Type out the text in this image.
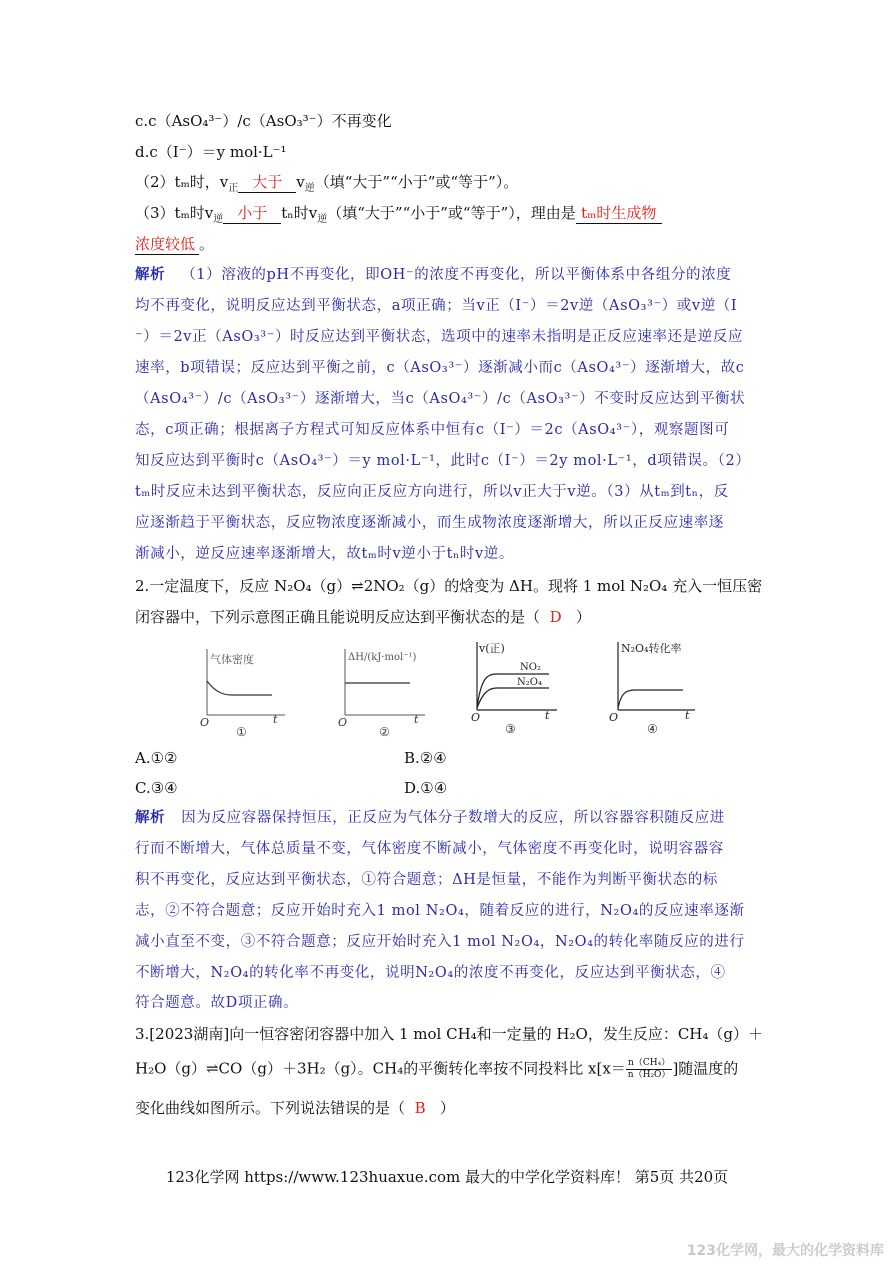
c.c（AsO₄³⁻）/c（AsO₃³⁻）不再变化
d.c（I⁻）＝y mol·L⁻¹
（2）tₘ时，$v_正$ 大于 $v_逆$（填“大于”“小于”或“等于”）。
（3）tₘ时$v_逆$ 小于 tₙ时$v_逆$（填“大于”“小于”或“等于”），理由是 tₘ时生成物
浓度较低 。
解析 （1）溶液的pH不再变化，即OH⁻的浓度不再变化，所以平衡体系中各组分的浓度
均不再变化，说明反应达到平衡状态，a项正确；当v正（I⁻）＝2v逆（AsO₃³⁻）或v逆（I
⁻）＝2v正（AsO₃³⁻）时反应达到平衡状态，选项中的速率未指明是正反应速率还是逆反应
速率，b项错误；反应达到平衡之前，c（AsO₃³⁻）逐渐减小而c（AsO₄³⁻）逐渐增大，故c
（AsO₄³⁻）/c（AsO₃³⁻）逐渐增大，当c（AsO₄³⁻）/c（AsO₃³⁻）不变时反应达到平衡状
态，c项正确；根据离子方程式可知反应体系中恒有c（I⁻）＝2c（AsO₄³⁻），观察题图可
知反应达到平衡时c（AsO₄³⁻）＝y mol·L⁻¹，此时c（I⁻）＝2y mol·L⁻¹，d项错误。（2）
tₘ时反应未达到平衡状态，反应向正反应方向进行，所以v正大于v逆。（3）从tₘ到tₙ，反
应逐渐趋于平衡状态，反应物浓度逐渐减小，而生成物浓度逐渐增大，所以正反应速率逐
渐减小，逆反应速率逐渐增大，故tₘ时v逆小于tₙ时v逆。
2.一定温度下，反应 N₂O₄（g）⇌2NO₂（g）的焓变为 ΔH。现将 1 mol N₂O₄ 充入一恒压密
闭容器中，下列示意图正确且能说明反应达到平衡状态的是（ D ）
气体密度
O	t
①
ΔH/(kJ·mol⁻¹)
O	t
②
v(正)
NO₂
N₂O₄
O	t
③
N₂O₄转化率
O	t
④
A.①②	B.②④
C.③④	D.①④
解析 因为反应容器保持恒压，正反应为气体分子数增大的反应，所以容器容积随反应进
行而不断增大，气体总质量不变，气体密度不断减小，气体密度不再变化时，说明容器容
积不再变化，反应达到平衡状态，①符合题意；ΔH是恒量，不能作为判断平衡状态的标
志，②不符合题意；反应开始时充入1 mol N₂O₄，随着反应的进行，N₂O₄的反应速率逐渐
减小直至不变，③不符合题意；反应开始时充入1 mol N₂O₄，N₂O₄的转化率随反应的进行
不断增大，N₂O₄的转化率不再变化，说明N₂O₄的浓度不再变化，反应达到平衡状态，④
符合题意。故D项正确。
3.[2023湖南]向一恒容密闭容器中加入 1 mol CH₄和一定量的 H₂O，发生反应：CH₄（g）＋
H₂O（g）⇌CO（g）＋3H₂（g）。CH₄的平衡转化率按不同投料比 $x[x= \frac{\text{n（CH₄）}}{\text{n（H₂O）}}$ ]随温度的
变化曲线如图所示。下列说法错误的是（ B ）
123化学网 https://www.123huaxue.com 最大的中学化学资料库！ 第5页 共20页
123化学网，最大的化学资料库
